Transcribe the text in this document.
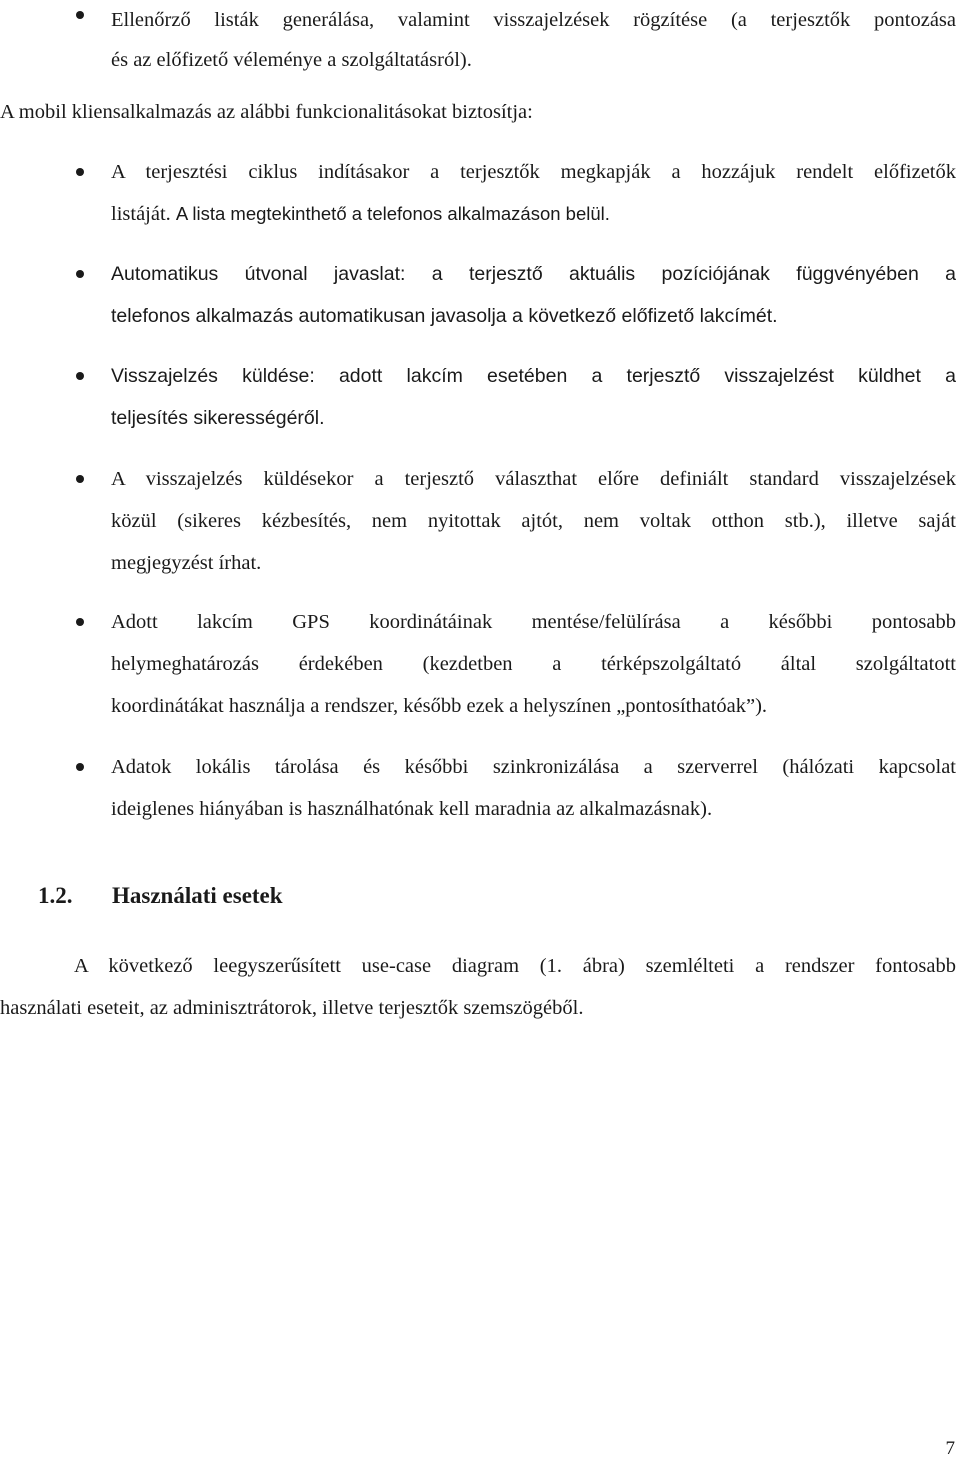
Ellenőrző listák generálása, valamint visszajelzések rögzítése (a terjesztők pontozása
és az előfizető véleménye a szolgáltatásról).

A mobil kliensalkalmazás az alábbi funkcionalitásokat biztosítja:

A terjesztési ciklus indításakor a terjesztők megkapják a hozzájuk rendelt előfizetők
listáját. A lista megtekinthető a telefonos alkalmazáson belül.
Automatikus útvonal javaslat: a terjesztő aktuális pozíciójának függvényében a
telefonos alkalmazás automatikusan javasolja a következő előfizető lakcímét.
Visszajelzés küldése: adott lakcím esetében a terjesztő visszajelzést küldhet a
teljesítés sikerességéről.
A visszajelzés küldésekor a terjesztő választhat előre definiált standard visszajelzések
közül (sikeres kézbesítés, nem nyitottak ajtót, nem voltak otthon stb.), illetve saját
megjegyzést írhat.
Adott lakcím GPS koordinátáinak mentése/felülírása a későbbi pontosabb
helymeghatározás érdekében (kezdetben a térképszolgáltató által szolgáltatott
koordinátákat használja a rendszer, később ezek a helyszínen „pontosíthatóak”).
Adatok lokális tárolása és későbbi szinkronizálása a szerverrel (hálózati kapcsolat
ideiglenes hiányában is használhatónak kell maradnia az alkalmazásnak).
1.2. Használati esetek
A következő leegyszerűsített use-case diagram (1. ábra) szemlélteti a rendszer fontosabb
használati eseteit, az adminisztrátorok, illetve terjesztők szemszögéből.
7
